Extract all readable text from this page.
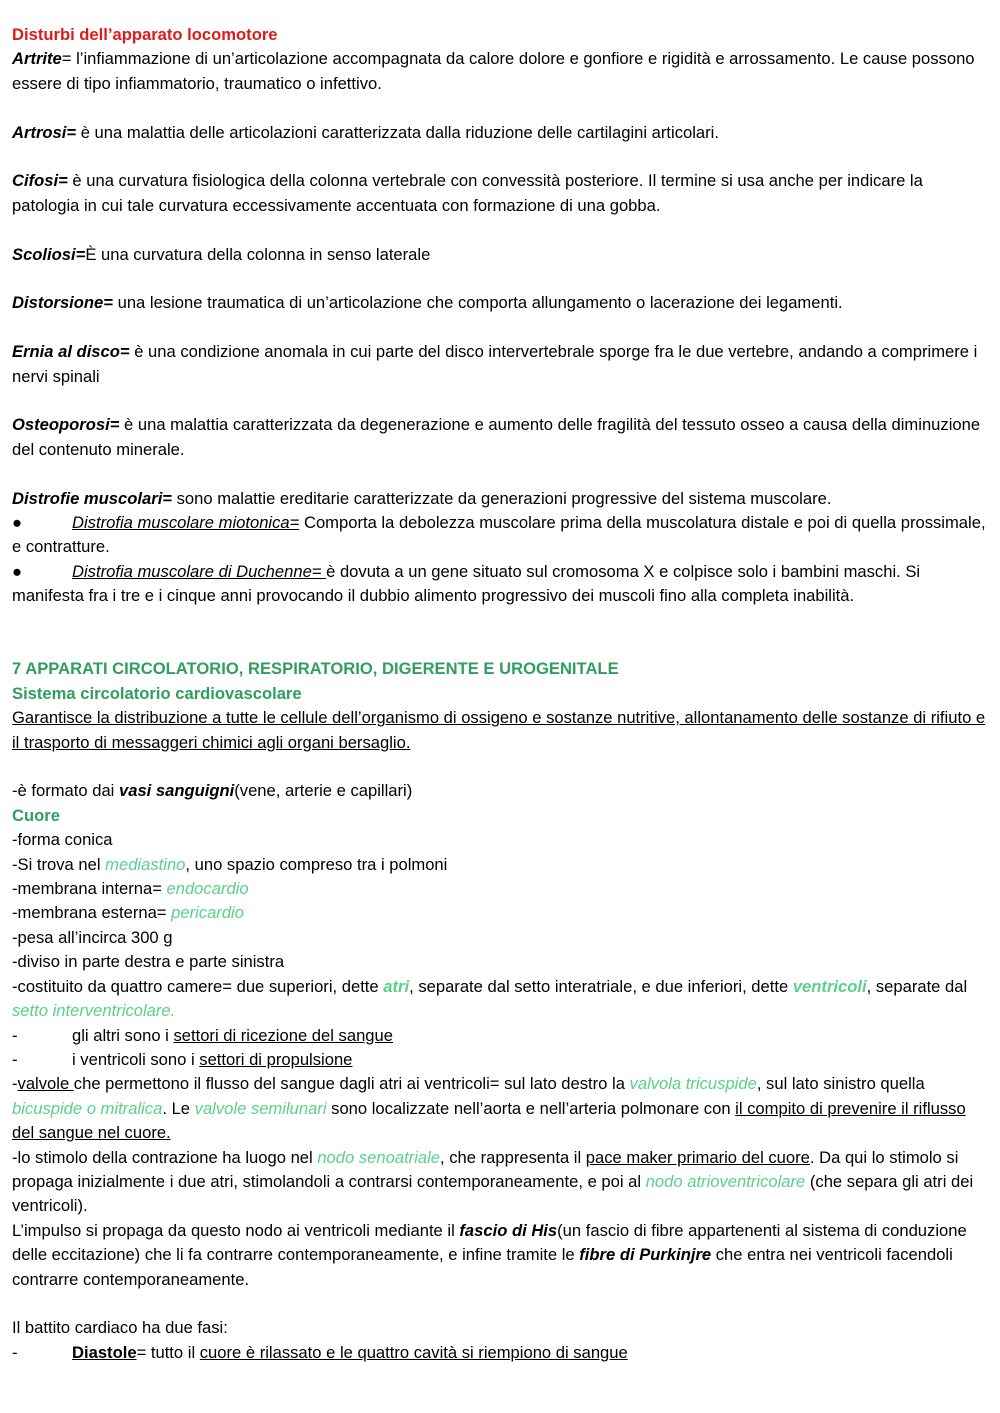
Disturbi dell’apparato locomotore

Artrite= l’infiammazione di un’articolazione accompagnata da calore dolore e gonfiore e rigidità e arrossamento. Le cause possono essere di tipo infiammatorio, traumatico o infettivo.

Artrosi= è una malattia delle articolazioni caratterizzata dalla riduzione delle cartilagini articolari.

Cifosi= è una curvatura fisiologica della colonna vertebrale con convessità posteriore. Il termine si usa anche per indicare la patologia in cui tale curvatura eccessivamente accentuata con formazione di una gobba.

Scoliosi=È una curvatura della colonna in senso laterale

Distorsione= una lesione traumatica di un’articolazione che comporta allungamento o lacerazione dei legamenti.

Ernia al disco= è una condizione anomala in cui parte del disco intervertebrale sporge fra le due vertebre, andando a comprimere i nervi spinali

Osteoporosi= è una malattia caratterizzata da degenerazione e aumento delle fragilità del tessuto osseo a causa della diminuzione del contenuto minerale.

Distrofie muscolari= sono malattie ereditarie caratterizzate da generazioni progressive del sistema muscolare.

●	Distrofia muscolare miotonica= Comporta la debolezza muscolare prima della muscolatura distale e poi di quella prossimale, e contratture.

●	Distrofia muscolare di Duchenne= è dovuta a un gene situato sul cromosoma X e colpisce solo i bambini maschi. Si manifesta fra i tre e i cinque anni provocando il dubbio alimento progressivo dei muscoli fino alla completa inabilità.

7 APPARATI CIRCOLATORIO, RESPIRATORIO, DIGERENTE E UROGENITALE

Sistema circolatorio cardiovascolare

Garantisce la distribuzione a tutte le cellule dell’organismo di ossigeno e sostanze nutritive, allontanamento delle sostanze di rifiuto e il trasporto di messaggeri chimici agli organi bersaglio.

-è formato dai vasi sanguigni(vene, arterie e capillari)

Cuore

-forma conica

-Si trova nel mediastino, uno spazio compreso tra i polmoni

-membrana interna= endocardio

-membrana esterna= pericardio

-pesa all’incirca 300 g

-diviso in parte destra e parte sinistra

-costituito da quattro camere= due superiori, dette atri, separate dal setto interatriale, e due inferiori, dette ventricoli, separate dal setto interventricolare.

-	gli altri sono i settori di ricezione del sangue

-	i ventricoli sono i settori di propulsione

-valvole che permettono il flusso del sangue dagli atri ai ventricoli= sul lato destro la valvola tricuspide, sul lato sinistro quella bicuspide o mitralica. Le valvole semilunari sono localizzate nell’aorta e nell’arteria polmonare con il compito di prevenire il riflusso del sangue nel cuore.

-lo stimolo della contrazione ha luogo nel nodo senoatriale, che rappresenta il pace maker primario del cuore. Da qui lo stimolo si propaga inizialmente i due atri, stimolandoli a contrarsi contemporaneamente, e poi al nodo atrioventricolare (che separa gli atri dei ventricoli).

L’impulso si propaga da questo nodo ai ventricoli mediante il fascio di His(un fascio di fibre appartenenti al sistema di conduzione delle eccitazione) che li fa contrarre contemporaneamente, e infine tramite le fibre di Purkinjre che entra nei ventricoli facendoli contrarre contemporaneamente.

Il battito cardiaco ha due fasi:

-	Diastole= tutto il cuore è rilassato e le quattro cavità si riempiono di sangue
